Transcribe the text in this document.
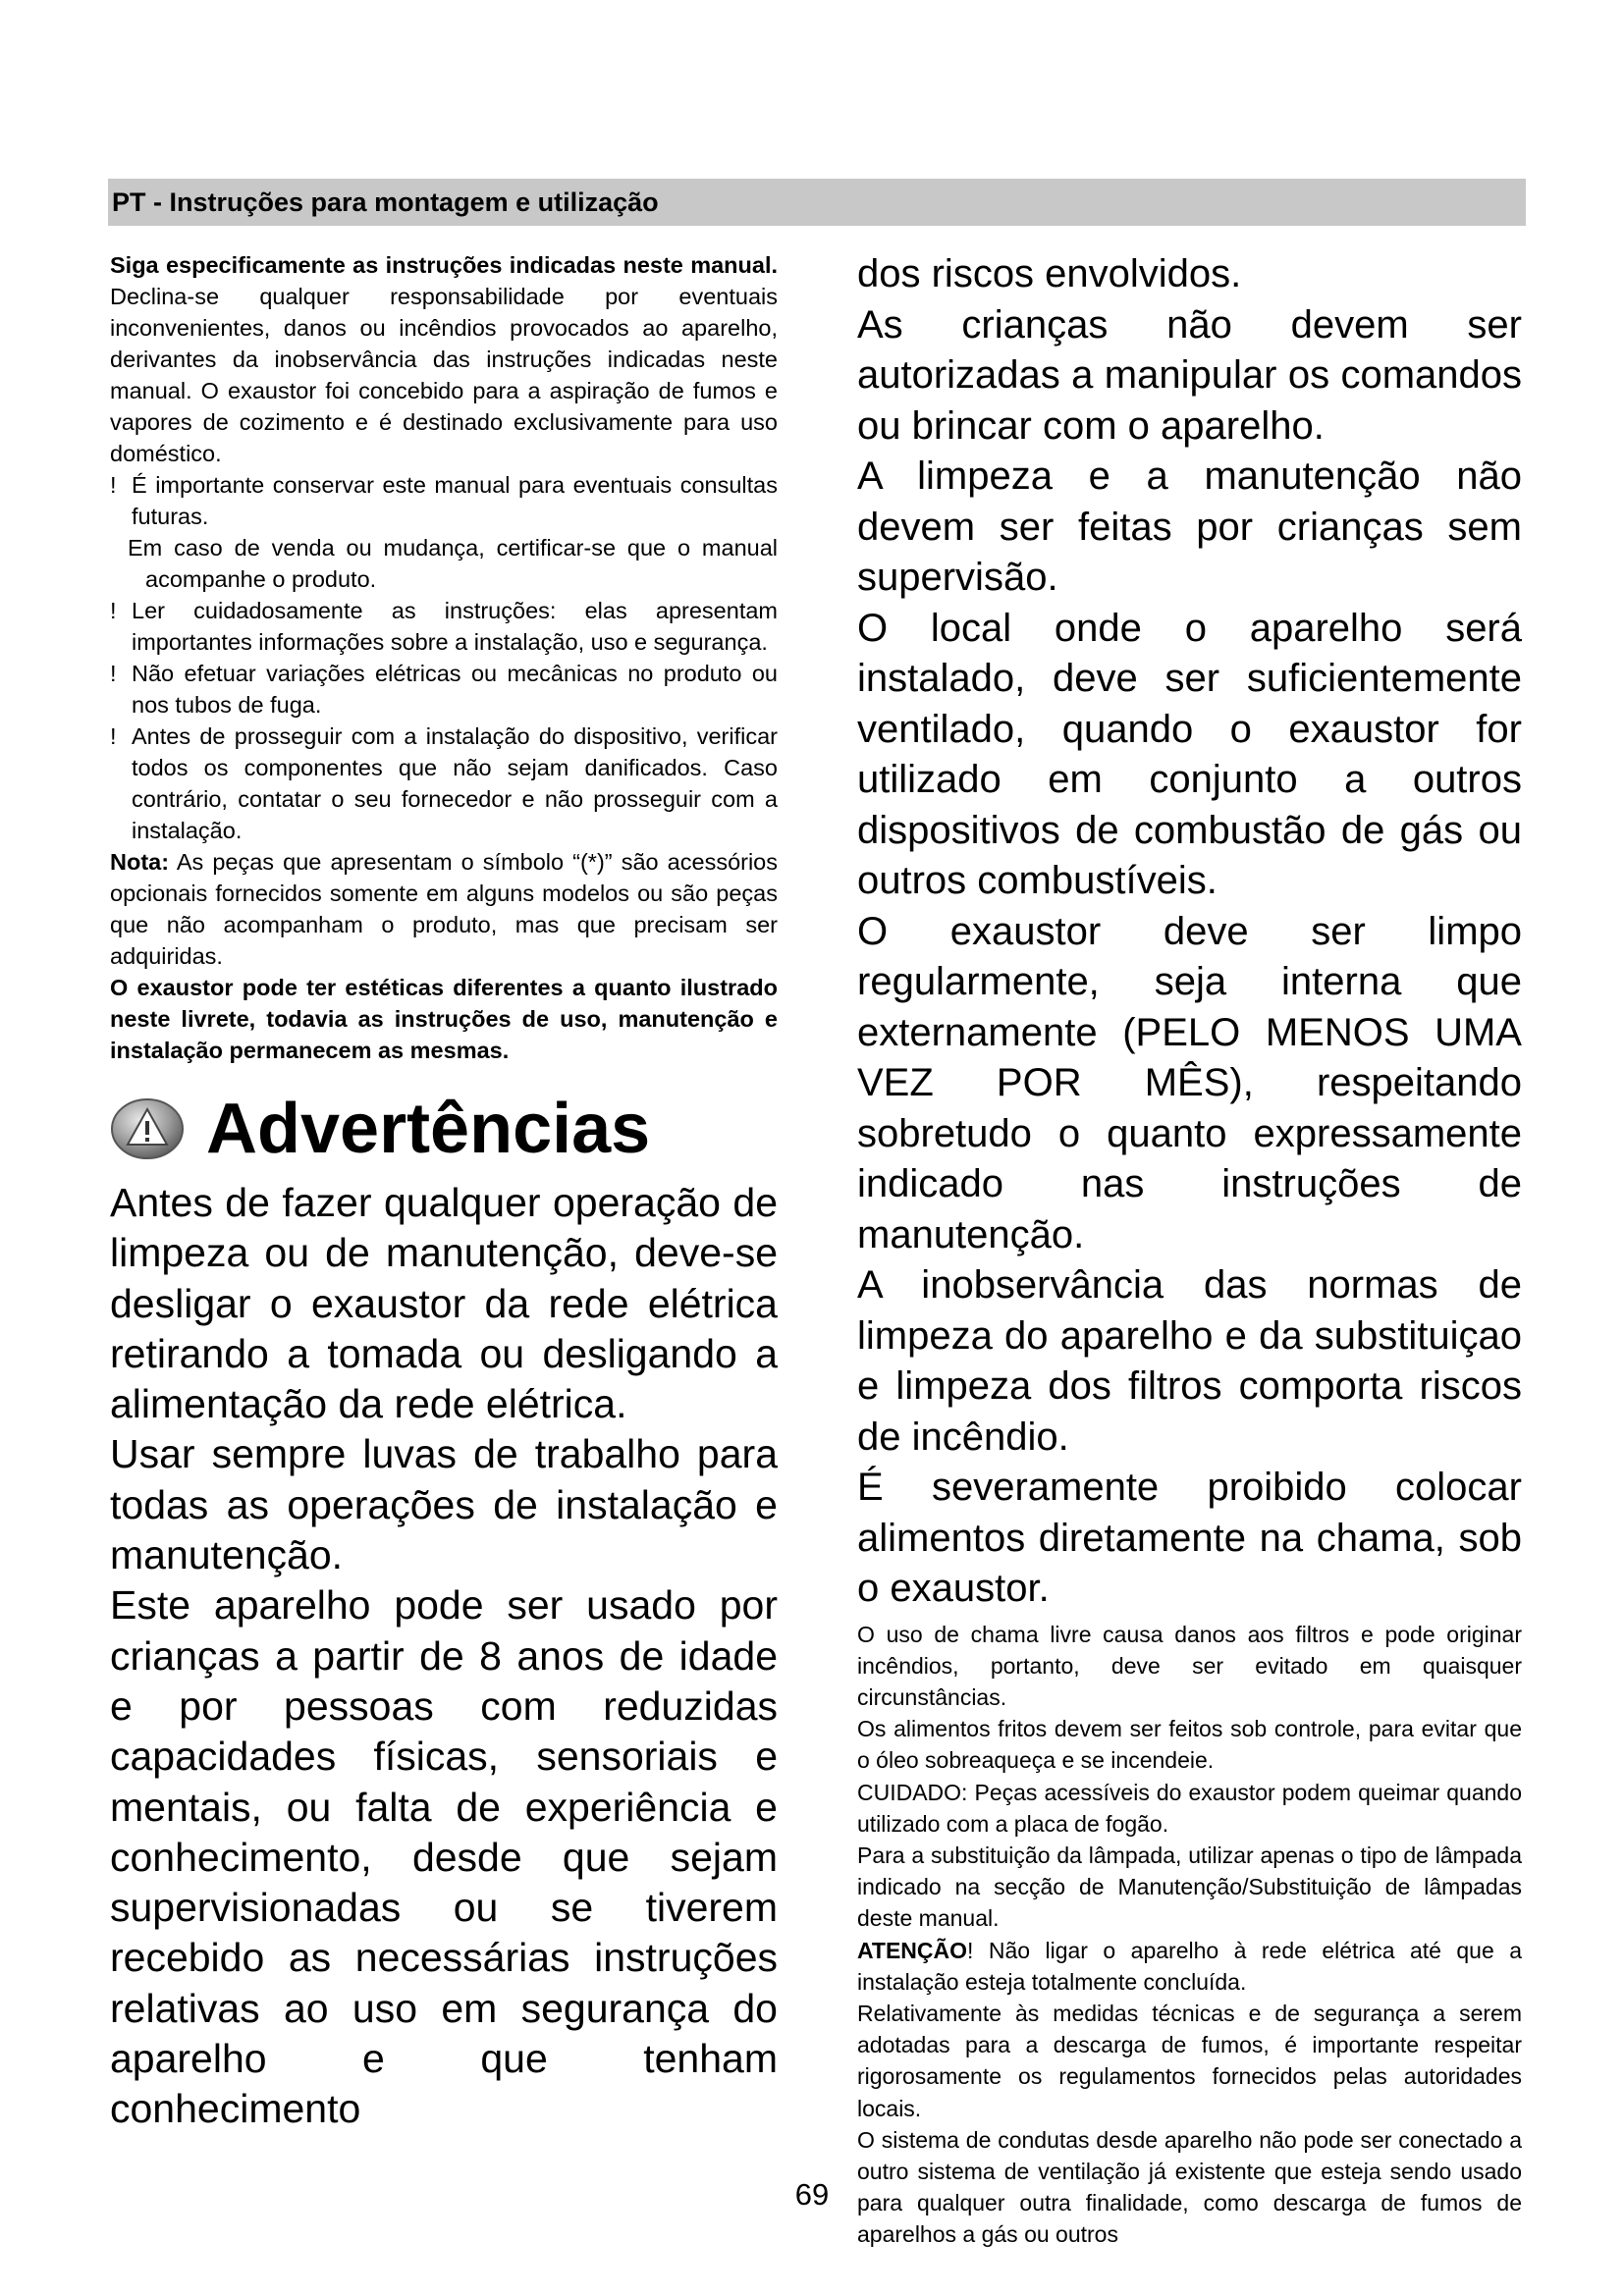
PT - Instruções para montagem e utilização

Siga especificamente as instruções indicadas neste manual. Declina-se qualquer responsabilidade por eventuais inconvenientes, danos ou incêndios provocados ao aparelho, derivantes da inobservância das instruções indicadas neste manual. O exaustor foi concebido para a aspiração de fumos e vapores de cozimento e é destinado exclusivamente para uso doméstico.

! É importante conservar este manual para eventuais consultas futuras.

Em caso de venda ou mudança, certificar-se que o manual acompanhe o produto.

! Ler cuidadosamente as instruções: elas apresentam importantes informações sobre a instalação, uso e segurança.
! Não efetuar variações elétricas ou mecânicas no produto ou nos tubos de fuga.
! Antes de prosseguir com a instalação do dispositivo, verificar todos os componentes que não sejam danificados. Caso contrário, contatar o seu fornecedor e não prosseguir com a instalação.

Nota: As peças que apresentam o símbolo “(*)” são acessórios opcionais fornecidos somente em alguns modelos ou são peças que não acompanham o produto, mas que precisam ser adquiridas.

O exaustor pode ter estéticas diferentes a quanto ilustrado neste livrete, todavia as instruções de uso, manutenção e instalação permanecem as mesmas.

Advertências

Antes de fazer qualquer operação de limpeza ou de manutenção, deve-se desligar o exaustor da rede elétrica retirando a tomada ou desligando a alimentação da rede elétrica.

Usar sempre luvas de trabalho para todas as operações de instalação e manutenção.

Este aparelho pode ser usado por crianças a partir de 8 anos de idade e por pessoas com reduzidas capacidades físicas, sensoriais e mentais, ou falta de experiência e conhecimento, desde que sejam supervisionadas ou se tiverem recebido as necessárias instruções relativas ao uso em segurança do aparelho e que tenham conhecimento

dos riscos envolvidos.

As crianças não devem ser autorizadas a manipular os comandos ou brincar com o aparelho.

A limpeza e a manutenção não devem ser feitas por crianças sem supervisão.

O local onde o aparelho será instalado, deve ser suficientemente ventilado, quando o exaustor for utilizado em conjunto a outros dispositivos de combustão de gás ou outros combustíveis.

O exaustor deve ser limpo regularmente, seja interna que externamente (PELO MENOS UMA VEZ POR MÊS), respeitando sobretudo o quanto expressamente indicado nas instruções de manutenção.

A inobservância das normas de limpeza do aparelho e da substituiçao e limpeza dos filtros comporta riscos de incêndio.

É severamente proibido colocar alimentos diretamente na chama, sob o exaustor.

O uso de chama livre causa danos aos filtros e pode originar incêndios, portanto, deve ser evitado em quaisquer circunstâncias.

Os alimentos fritos devem ser feitos sob controle, para evitar que o óleo sobreaqueça e se incendeie.

CUIDADO: Peças acessíveis do exaustor podem queimar quando utilizado com a placa de fogão.

Para a substituição da lâmpada, utilizar apenas o tipo de lâmpada indicado na secção de Manutenção/Substituição de lâmpadas deste manual.

ATENÇÃO! Não ligar o aparelho à rede elétrica até que a instalação esteja totalmente concluída.

Relativamente às medidas técnicas e de segurança a serem adotadas para a descarga de fumos, é importante respeitar rigorosamente os regulamentos fornecidos pelas autoridades locais.

O sistema de condutas desde aparelho não pode ser conectado a outro sistema de ventilação já existente que esteja sendo usado para qualquer outra finalidade, como descarga de fumos de aparelhos a gás ou outros

69
